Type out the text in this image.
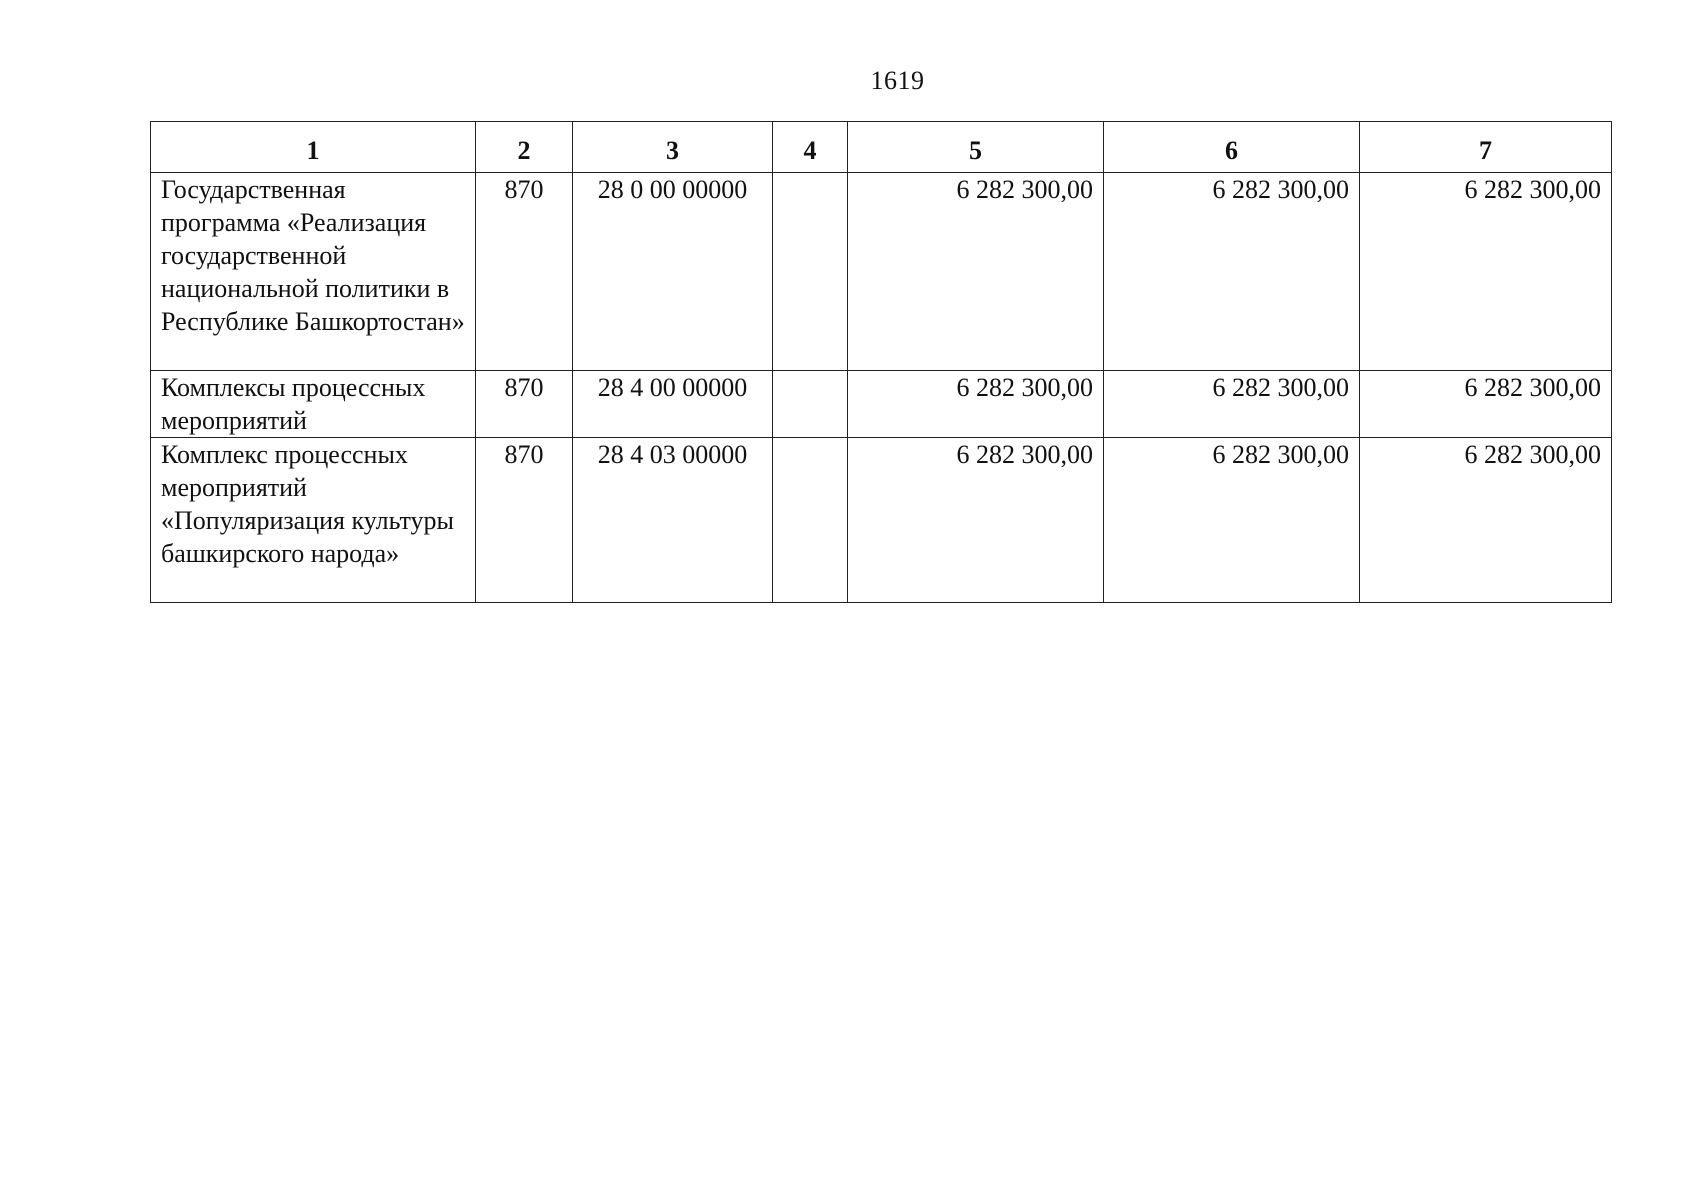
1619
1	2	3	4	5	6	7
Государственная программа «Реализация государственной национальной политики в Республике Башкортостан»	870	28 0 00 00000		6 282 300,00	6 282 300,00	6 282 300,00
Комплексы процессных мероприятий	870	28 4 00 00000		6 282 300,00	6 282 300,00	6 282 300,00
Комплекс процессных мероприятий «Популяризация культуры башкирского народа»	870	28 4 03 00000		6 282 300,00	6 282 300,00	6 282 300,00
